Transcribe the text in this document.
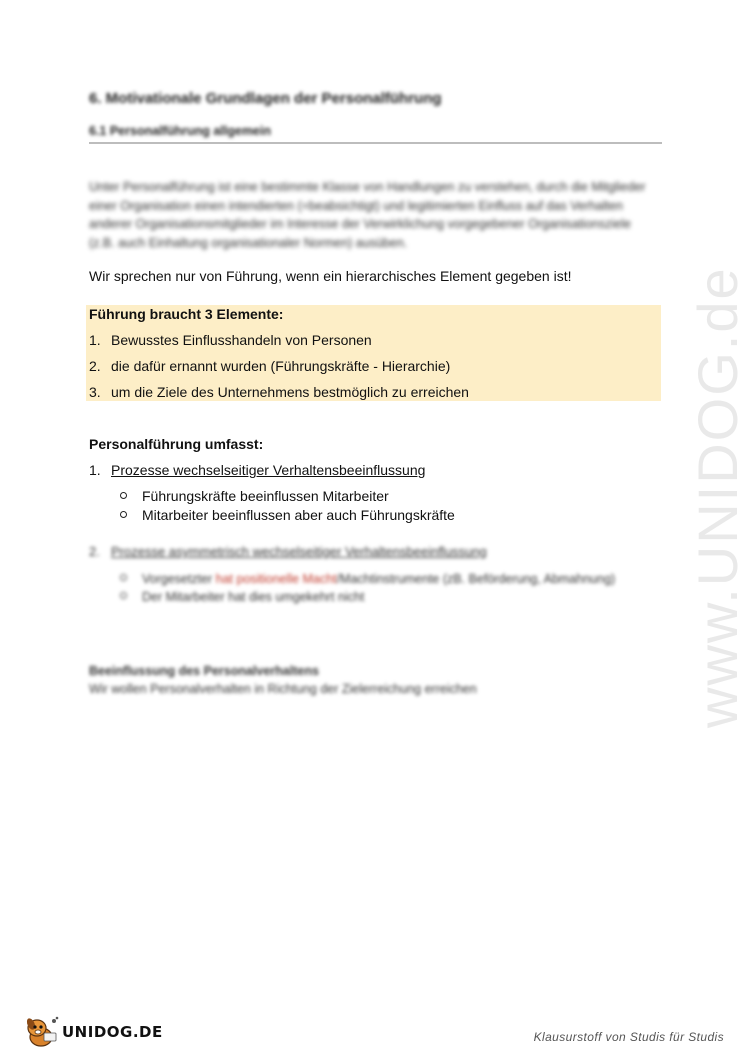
6. Motivationale Grundlagen der Personalführung
6.1 Personalführung allgemein
Unter Personalführung ist eine bestimmte Klasse von Handlungen zu verstehen, durch die Mitglieder einer Organisation einen intendierten (=beabsichtigt) und legitimierten Einfluss auf das Verhalten anderer Organisationsmitglieder im Interesse der Verwirklichung vorgegebener Organisationsziele (z.B. auch Einhaltung organisationaler Normen) ausüben.
Wir sprechen nur von Führung, wenn ein hierarchisches Element gegeben ist!
Führung braucht 3 Elemente:
1. Bewusstes Einflusshandeln von Personen
2. die dafür ernannt wurden (Führungskräfte - Hierarchie)
3. um die Ziele des Unternehmens bestmöglich zu erreichen
Personalführung umfasst:
1. Prozesse wechselseitiger Verhaltensbeeinflussung
Führungskräfte beeinflussen Mitarbeiter
Mitarbeiter beeinflussen aber auch Führungskräfte
2. Prozesse asymmetrisch wechselseitiger Verhaltensbeeinflussung
Vorgesetzter hat positionelle Macht/Machtinstrumente (zB. Beförderung, Abmahnung)
Der Mitarbeiter hat dies umgekehrt nicht
Beeinflussung des Personalverhaltens
Wir wollen Personalverhalten in Richtung der Zielerreichung erreichen	www.UNIDOG.de
UNIDOG.DE	Klausurstoff von Studis für Studis
